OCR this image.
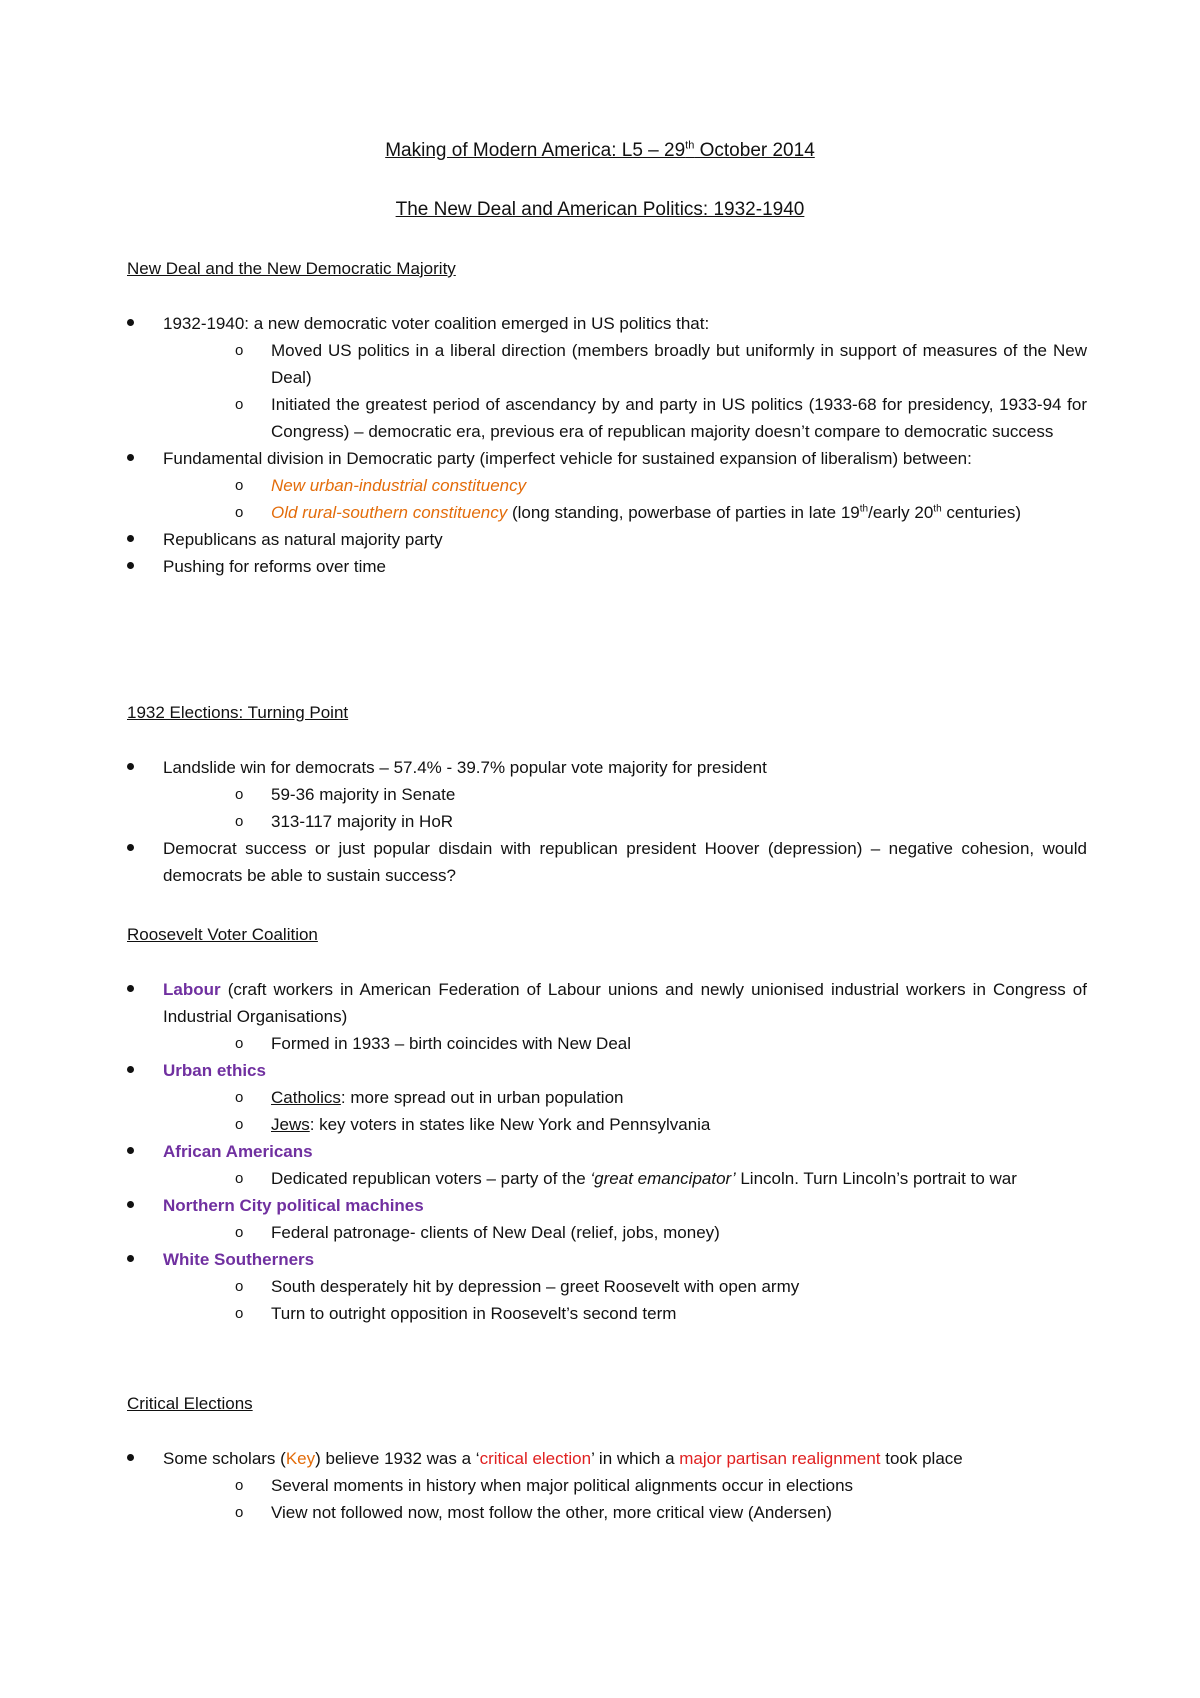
Making of Modern America: L5 – 29th October 2014
The New Deal and American Politics: 1932-1940
New Deal and the New Democratic Majority
1932-1940: a new democratic voter coalition emerged in US politics that:
o Moved US politics in a liberal direction (members broadly but uniformly in support of measures of the New Deal)
o Initiated the greatest period of ascendancy by and party in US politics (1933-68 for presidency, 1933-94 for Congress) – democratic era, previous era of republican majority doesn’t compare to democratic success
Fundamental division in Democratic party (imperfect vehicle for sustained expansion of liberalism) between:
o New urban-industrial constituency
o Old rural-southern constituency (long standing, powerbase of parties in late 19th/early 20th centuries)
Republicans as natural majority party
Pushing for reforms over time
1932 Elections: Turning Point
Landslide win for democrats – 57.4% - 39.7% popular vote majority for president
o 59-36 majority in Senate
o 313-117 majority in HoR
Democrat success or just popular disdain with republican president Hoover (depression) – negative cohesion, would democrats be able to sustain success?
Roosevelt Voter Coalition
Labour (craft workers in American Federation of Labour unions and newly unionised industrial workers in Congress of Industrial Organisations)
o Formed in 1933 – birth coincides with New Deal
Urban ethics
o Catholics: more spread out in urban population
o Jews: key voters in states like New York and Pennsylvania
African Americans
o Dedicated republican voters – party of the ‘great emancipator’ Lincoln. Turn Lincoln’s portrait to war
Northern City political machines
o Federal patronage- clients of New Deal (relief, jobs, money)
White Southerners
o South desperately hit by depression – greet Roosevelt with open army
o Turn to outright opposition in Roosevelt’s second term
Critical Elections
Some scholars (Key) believe 1932 was a ‘critical election’ in which a major partisan realignment took place
o Several moments in history when major political alignments occur in elections
o View not followed now, most follow the other, more critical view (Andersen)
